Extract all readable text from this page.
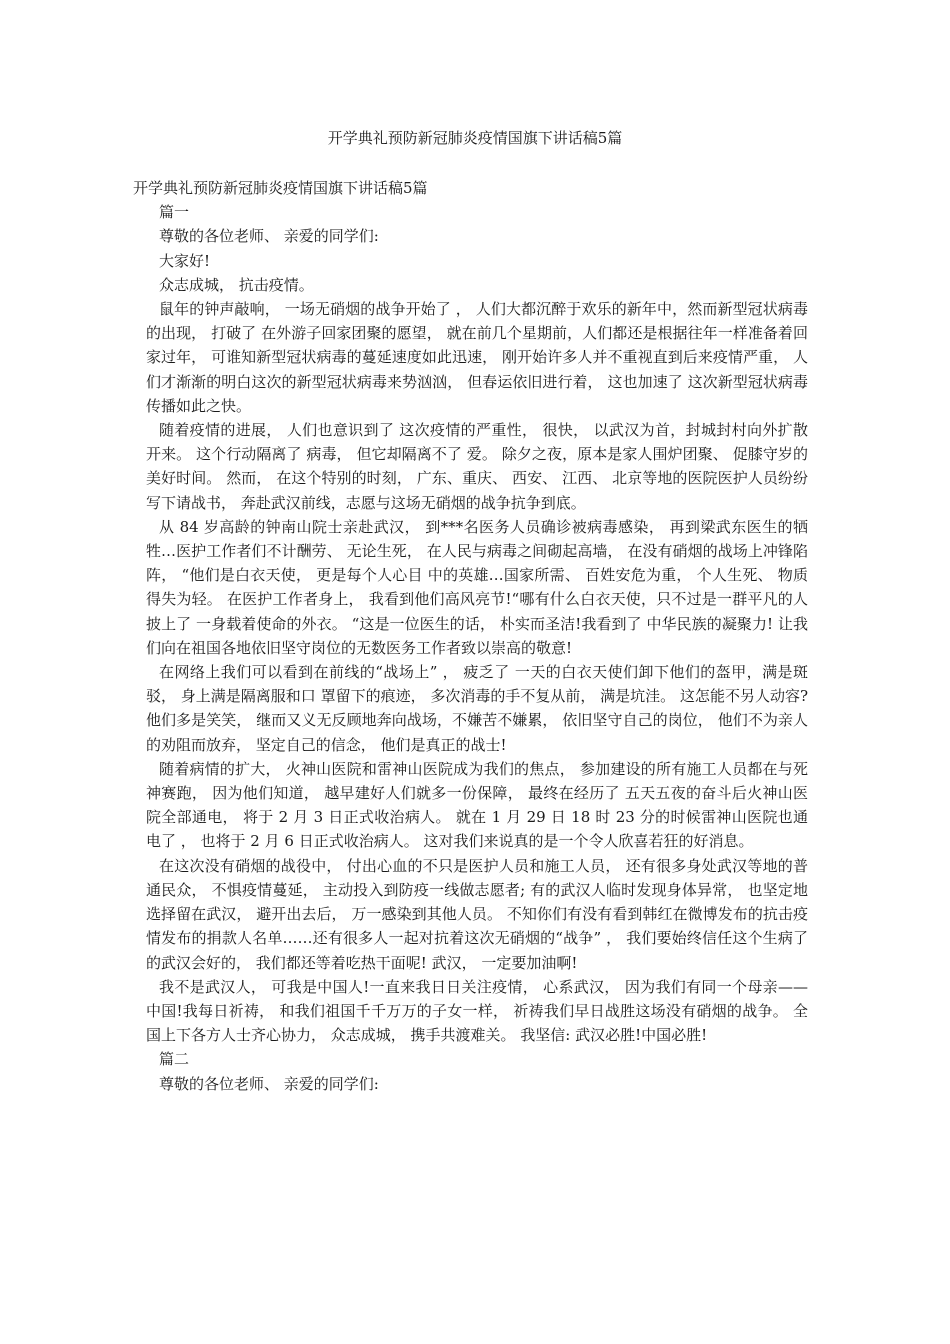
开学典礼预防新冠肺炎疫情国旗下讲话稿5篇

开学典礼预防新冠肺炎疫情国旗下讲话稿5篇

篇一

尊敬的各位老师、 亲爱的同学们:

大家好!

众志成城， 抗击疫情。

鼠年的钟声敲响， 一场无硝烟的战争开始了 ， 人们大都沉醉于欢乐的新年中，然而新型冠状病毒的出现， 打破了 在外游子回家团聚的愿望， 就在前几个星期前，人们都还是根据往年一样准备着回家过年， 可谁知新型冠状病毒的蔓延速度如此迅速， 刚开始许多人并不重视直到后来疫情严重， 人们才渐渐的明白这次的新型冠状病毒来势汹汹， 但春运依旧进行着， 这也加速了 这次新型冠状病毒传播如此之快。

随着疫情的进展， 人们也意识到了 这次疫情的严重性， 很快， 以武汉为首，封城封村向外扩散开来。 这个行动隔离了 病毒， 但它却隔离不了 爱。 除夕之夜，原本是家人围炉团聚、 促膝守岁的美好时间。 然而， 在这个特别的时刻， 广东、重庆、 西安、 江西、 北京等地的医院医护人员纷纷写下请战书， 奔赴武汉前线，志愿与这场无硝烟的战争抗争到底。

从 84 岁高龄的钟南山院士亲赴武汉， 到***名医务人员确诊被病毒感染， 再到梁武东医生的牺牲…医护工作者们不计酬劳、 无论生死， 在人民与病毒之间砌起高墙， 在没有硝烟的战场上冲锋陷阵， “他们是白衣天使， 更是每个人心目 中的英雄…国家所需、 百姓安危为重， 个人生死、 物质得失为轻。 在医护工作者身上， 我看到他们高风亮节!“哪有什么白衣天使，只不过是一群平凡的人披上了 一身载着使命的外衣。 “这是一位医生的话， 朴实而圣洁!我看到了 中华民族的凝聚力! 让我们向在祖国各地依旧坚守岗位的无数医务工作者致以崇高的敬意!

在网络上我们可以看到在前线的“战场上” ， 疲乏了 一天的白衣天使们卸下他们的盔甲，满是斑驳， 身上满是隔离服和口 罩留下的痕迹， 多次消毒的手不复从前， 满是坑洼。 这怎能不另人动容?他们多是笑笑， 继而又义无反顾地奔向战场，不嫌苦不嫌累， 依旧坚守自己的岗位， 他们不为亲人的劝阻而放弃， 坚定自己的信念， 他们是真正的战士!

随着病情的扩大， 火神山医院和雷神山医院成为我们的焦点， 参加建设的所有施工人员都在与死神赛跑， 因为他们知道， 越早建好人们就多一份保障， 最终在经历了 五天五夜的奋斗后火神山医院全部通电， 将于 2 月 3 日正式收治病人。 就在 1 月 29 日 18 时 23 分的时候雷神山医院也通电了 ， 也将于 2 月 6 日正式收治病人。 这对我们来说真的是一个令人欣喜若狂的好消息。

在这次没有硝烟的战役中， 付出心血的不只是医护人员和施工人员， 还有很多身处武汉等地的普通民众， 不惧疫情蔓延， 主动投入到防疫一线做志愿者; 有的武汉人临时发现身体异常， 也坚定地选择留在武汉， 避开出去后， 万一感染到其他人员。 不知你们有没有看到韩红在微博发布的抗击疫情发布的捐款人名单……还有很多人一起对抗着这次无硝烟的“战争” ， 我们要始终信任这个生病了 的武汉会好的， 我们都还等着吃热干面呢! 武汉， 一定要加油啊!

我不是武汉人， 可我是中国人!一直来我日日关注疫情， 心系武汉， 因为我们有同一个母亲——中国!我每日祈祷， 和我们祖国千千万万的子女一样， 祈祷我们早日战胜这场没有硝烟的战争。 全国上下各方人士齐心协力， 众志成城， 携手共渡难关。 我坚信: 武汉必胜!中国必胜!

篇二

尊敬的各位老师、 亲爱的同学们:
